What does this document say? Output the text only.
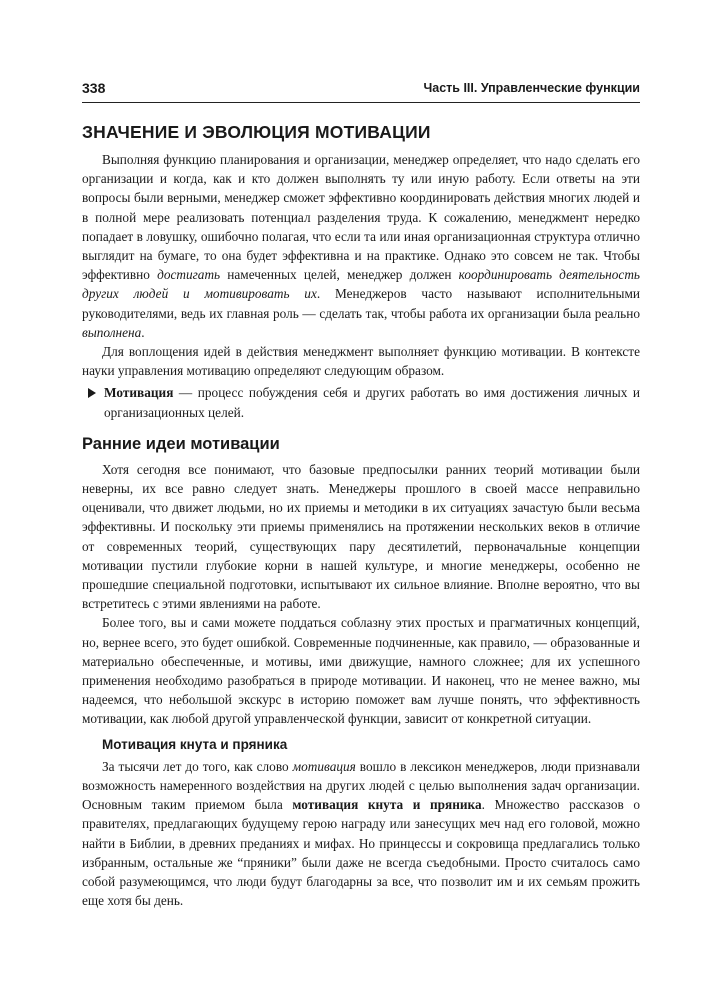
338	Часть III. Управленческие функции
ЗНАЧЕНИЕ И ЭВОЛЮЦИЯ МОТИВАЦИИ

Выполняя функцию планирования и организации, менеджер определяет, что надо сделать его организации и когда, как и кто должен выполнять ту или иную работу. Если ответы на эти вопросы были верными, менеджер сможет эффективно координировать действия многих людей и в полной мере реализовать потенциал разделения труда. К сожалению, менеджмент нередко попадает в ловушку, ошибочно полагая, что если та или иная организационная структура отлично выглядит на бумаге, то она будет эффективна и на практике. Однако это совсем не так. Чтобы эффективно достигать намеченных целей, менеджер должен координировать деятельность других людей и мотивировать их. Менеджеров часто называют исполнительными руководителями, ведь их главная роль — сделать так, чтобы работа их организации была реально выполнена.

Для воплощения идей в действия менеджмент выполняет функцию мотивации. В контексте науки управления мотивацию определяют следующим образом.

Мотивация — процесс побуждения себя и других работать во имя достижения личных и организационных целей.
Ранние идеи мотивации

Хотя сегодня все понимают, что базовые предпосылки ранних теорий мотивации были неверны, их все равно следует знать. Менеджеры прошлого в своей массе неправильно оценивали, что движет людьми, но их приемы и методики в их ситуациях зачастую были весьма эффективны. И поскольку эти приемы применялись на протяжении нескольких веков в отличие от современных теорий, существующих пару десятилетий, первоначальные концепции мотивации пустили глубокие корни в нашей культуре, и многие менеджеры, особенно не прошедшие специальной подготовки, испытывают их сильное влияние. Вполне вероятно, что вы встретитесь с этими явлениями на работе.

Более того, вы и сами можете поддаться соблазну этих простых и прагматичных концепций, но, вернее всего, это будет ошибкой. Современные подчиненные, как правило, — образованные и материально обеспеченные, и мотивы, ими движущие, намного сложнее; для их успешного применения необходимо разобраться в природе мотивации. И наконец, что не менее важно, мы надеемся, что небольшой экскурс в историю поможет вам лучше понять, что эффективность мотивации, как любой другой управленческой функции, зависит от конкретной ситуации.

Мотивация кнута и пряника

За тысячи лет до того, как слово мотивация вошло в лексикон менеджеров, люди признавали возможность намеренного воздействия на других людей с целью выполнения задач организации. Основным таким приемом была мотивация кнута и пряника. Множество рассказов о правителях, предлагающих будущему герою награду или занесущих меч над его головой, можно найти в Библии, в древних преданиях и мифах. Но принцессы и сокровища предлагались только избранным, остальные же “пряники” были даже не всегда съедобными. Просто считалось само собой разумеющимся, что люди будут благодарны за все, что позволит им и их семьям прожить еще хотя бы день.
